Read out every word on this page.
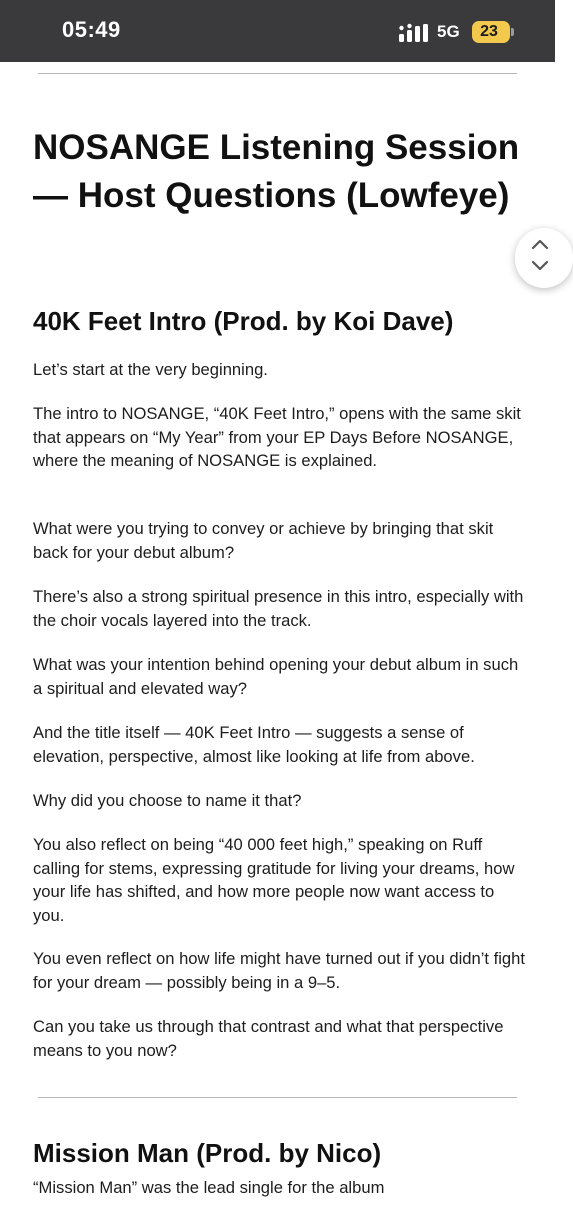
05:49	5G	23
NOSANGE Listening Session — Host Questions (Lowfeye)
40K Feet Intro (Prod. by Koi Dave)

Let’s start at the very beginning.

The intro to NOSANGE, “40K Feet Intro,” opens with the same skit that appears on “My Year” from your EP Days Before NOSANGE, where the meaning of NOSANGE is explained.

What were you trying to convey or achieve by bringing that skit back for your debut album?

There’s also a strong spiritual presence in this intro, especially with the choir vocals layered into the track.

What was your intention behind opening your debut album in such a spiritual and elevated way?

And the title itself — 40K Feet Intro — suggests a sense of elevation, perspective, almost like looking at life from above.

Why did you choose to name it that?

You also reflect on being “40 000 feet high,” speaking on Ruff calling for stems, expressing gratitude for living your dreams, how your life has shifted, and how more people now want access to you.

You even reflect on how life might have turned out if you didn’t fight for your dream — possibly being in a 9–5.

Can you take us through that contrast and what that perspective means to you now?

Mission Man (Prod. by Nico)
“Mission Man” was the lead single for the album
